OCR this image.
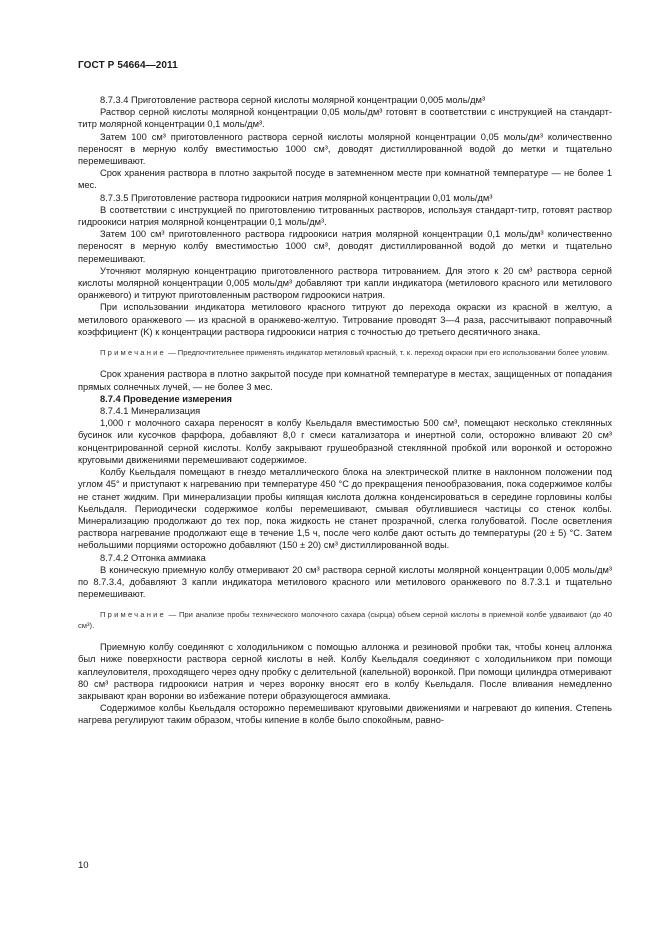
ГОСТ Р 54664—2011

8.7.3.4 Приготовление раствора серной кислоты молярной концентрации 0,005 моль/дм³

Раствор серной кислоты молярной концентрации 0,05 моль/дм³ готовят в соответствии с инструкцией на стандарт-титр молярной концентрации 0,1 моль/дм³.

Затем 100 см³ приготовленного раствора серной кислоты молярной концентрации 0,05 моль/дм³ количественно переносят в мерную колбу вместимостью 1000 см³, доводят дистиллированной водой до метки и тщательно перемешивают.

Срок хранения раствора в плотно закрытой посуде в затемненном месте при комнатной температуре — не более 1 мес.

8.7.3.5 Приготовление раствора гидроокиси натрия молярной концентрации 0,01 моль/дм³

В соответствии с инструкцией по приготовлению титрованных растворов, используя стандарт-титр, готовят раствор гидроокиси натрия молярной концентрации 0,1 моль/дм³.

Затем 100 см³ приготовленного раствора гидроокиси натрия молярной концентрации 0,1 моль/дм³ количественно переносят в мерную колбу вместимостью 1000 см³, доводят дистиллированной водой до метки и тщательно перемешивают.

Уточняют молярную концентрацию приготовленного раствора титрованием. Для этого к 20 см³ раствора серной кислоты молярной концентрации 0,005 моль/дм³ добавляют три капли индикатора (метилового красного или метилового оранжевого) и титруют приготовленным раствором гидроокиси натрия.

При использовании индикатора метилового красного титруют до перехода окраски из красной в желтую, а метилового оранжевого — из красной в оранжево-желтую. Титрование проводят 3—4 раза, рассчитывают поправочный коэффициент (K) к концентрации раствора гидроокиси натрия с точностью до третьего десятичного знака.

Примечание — Предпочтительнее применять индикатор метиловый красный, т. к. переход окраски при его использовании более уловим.

Срок хранения раствора в плотно закрытой посуде при комнатной температуре в местах, защищенных от попадания прямых солнечных лучей, — не более 3 мес.

8.7.4 Проведение измерения

8.7.4.1 Минерализация

1,000 г молочного сахара переносят в колбу Кьельдаля вместимостью 500 см³, помещают несколько стеклянных бусинок или кусочков фарфора, добавляют 8,0 г смеси катализатора и инертной соли, осторожно вливают 20 см³ концентрированной серной кислоты. Колбу закрывают грушеобразной стеклянной пробкой или воронкой и осторожно круговыми движениями перемешивают содержимое.

Колбу Кьельдаля помещают в гнездо металлического блока на электрической плитке в наклонном положении под углом 45° и приступают к нагреванию при температуре 450 °С до прекращения пенообразования, пока содержимое колбы не станет жидким. При минерализации пробы кипящая кислота должна конденсироваться в середине горловины колбы Кьельдаля. Периодически содержимое колбы перемешивают, смывая обуглившиеся частицы со стенок колбы. Минерализацию продолжают до тех пор, пока жидкость не станет прозрачной, слегка голубоватой. После осветления раствора нагревание продолжают еще в течение 1,5 ч, после чего колбе дают остыть до температуры (20 ± 5) °С. Затем небольшими порциями осторожно добавляют (150 ± 20) см³ дистиллированной воды.

8.7.4.2 Отгонка аммиака

В коническую приемную колбу отмеривают 20 см³ раствора серной кислоты молярной концентрации 0,005 моль/дм³ по 8.7.3.4, добавляют 3 капли индикатора метилового красного или метилового оранжевого по 8.7.3.1 и тщательно перемешивают.

Примечание — При анализе пробы технического молочного сахара (сырца) объем серной кислоты в приемной колбе удваивают (до 40 см³).

Приемную колбу соединяют с холодильником с помощью аллонжа и резиновой пробки так, чтобы конец аллонжа был ниже поверхности раствора серной кислоты в ней. Колбу Кьельдаля соединяют с холодильником при помощи каплеуловителя, проходящего через одну пробку с делительной (капельной) воронкой. При помощи цилиндра отмеривают 80 см³ раствора гидроокиси натрия и через воронку вносят его в колбу Кьельдаля. После вливания немедленно закрывают кран воронки во избежание потери образующегося аммиака.

Содержимое колбы Кьельдаля осторожно перемешивают круговыми движениями и нагревают до кипения. Степень нагрева регулируют таким образом, чтобы кипение в колбе было спокойным, равно-

10
